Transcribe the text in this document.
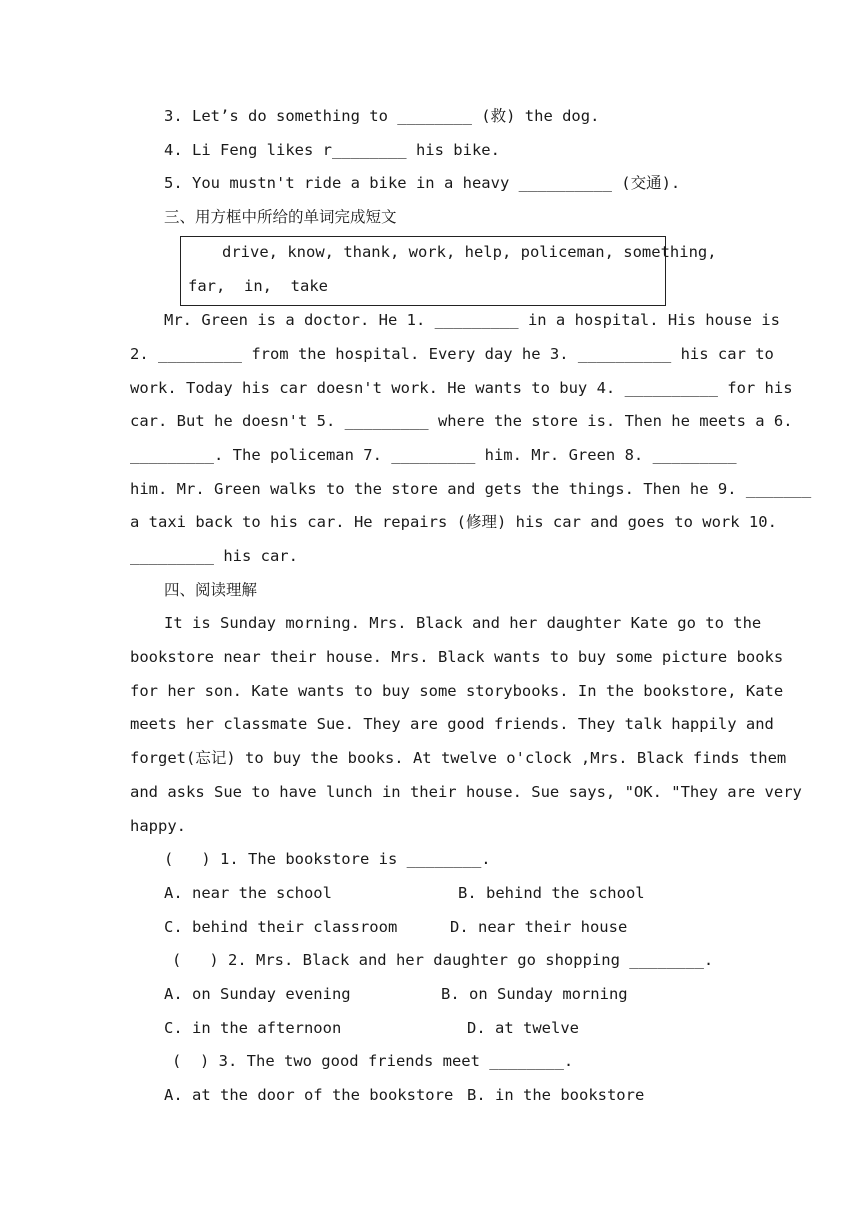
3. Let’s do something to ________ (救) the dog.
4. Li Feng likes r________ his bike.
5. You mustn't ride a bike in a heavy __________ (交通).
三、用方框中所给的单词完成短文
drive, know, thank, work, help, policeman, something,
far,  in,  take
Mr. Green is a doctor. He 1. _________ in a hospital. His house is
2. _________ from the hospital. Every day he 3. __________ his car to
work. Today his car doesn't work. He wants to buy 4. __________ for his
car. But he doesn't 5. _________ where the store is. Then he meets a 6.
_________. The policeman 7. _________ him. Mr. Green 8. _________
him. Mr. Green walks to the store and gets the things. Then he 9. _______
a taxi back to his car. He repairs (修理) his car and goes to work 10.
_________ his car.
四、阅读理解
It is Sunday morning. Mrs. Black and her daughter Kate go to the
bookstore near their house. Mrs. Black wants to buy some picture books
for her son. Kate wants to buy some storybooks. In the bookstore, Kate
meets her classmate Sue. They are good friends. They talk happily and
forget(忘记) to buy the books. At twelve o'clock ,Mrs. Black finds them
and asks Sue to have lunch in their house. Sue says, "OK. "They are very
happy.
(   ) 1. The bookstore is ________.
A. near the school	B. behind the school
C. behind their classroom	D. near their house
(   ) 2. Mrs. Black and her daughter go shopping ________.
A. on Sunday evening	B. on Sunday morning
C. in the afternoon	D. at twelve
(  ) 3. The two good friends meet ________.
A. at the door of the bookstore B. in the bookstore
